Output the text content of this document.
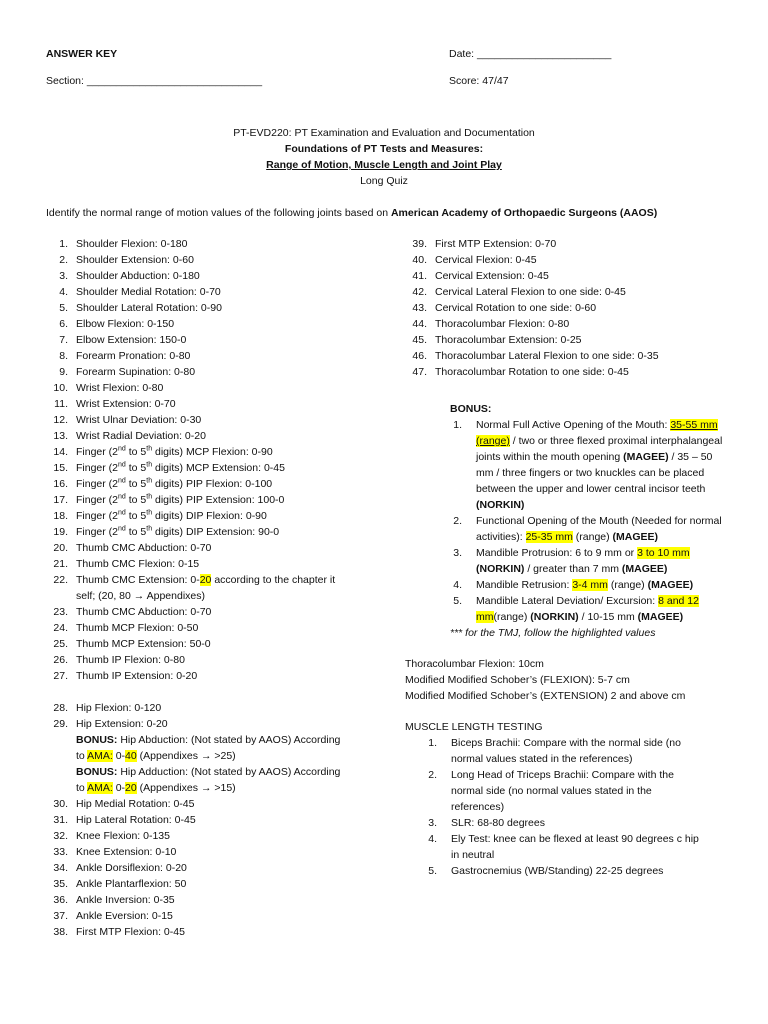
ANSWER KEY	Date: _______________________
Section: ______________________________	Score: 47/47
PT-EVD220: PT Examination and Evaluation and Documentation
Foundations of PT Tests and Measures:
Range of Motion, Muscle Length and Joint Play
Long Quiz
Identify the normal range of motion values of the following joints based on American Academy of Orthopaedic Surgeons (AAOS)
1. Shoulder Flexion: 0-180
2. Shoulder Extension: 0-60
3. Shoulder Abduction: 0-180
4. Shoulder Medial Rotation: 0-70
5. Shoulder Lateral Rotation: 0-90
6. Elbow Flexion: 0-150
7. Elbow Extension: 150-0
8. Forearm Pronation: 0-80
9. Forearm Supination: 0-80
10. Wrist Flexion: 0-80
11. Wrist Extension: 0-70
12. Wrist Ulnar Deviation: 0-30
13. Wrist Radial Deviation: 0-20
14. Finger (2nd to 5th digits) MCP Flexion: 0-90
15. Finger (2nd to 5th digits) MCP Extension: 0-45
16. Finger (2nd to 5th digits) PIP Flexion: 0-100
17. Finger (2nd to 5th digits) PIP Extension: 100-0
18. Finger (2nd to 5th digits) DIP Flexion: 0-90
19. Finger (2nd to 5th digits) DIP Extension: 90-0
20. Thumb CMC Abduction: 0-70
21. Thumb CMC Flexion: 0-15
22. Thumb CMC Extension: 0-20 according to the chapter it
self; (20, 80 → Appendixes)
23. Thumb CMC Abduction: 0-70
24. Thumb MCP Flexion: 0-50
25. Thumb MCP Extension: 50-0
26. Thumb IP Flexion: 0-80
27. Thumb IP Extension: 0-20
28. Hip Flexion: 0-120
29. Hip Extension: 0-20
BONUS: Hip Abduction: (Not stated by AAOS) According
to AMA: 0-40 (Appendixes → >25)
BONUS: Hip Adduction: (Not stated by AAOS) According
to AMA: 0-20 (Appendixes → >15)
30. Hip Medial Rotation: 0-45
31. Hip Lateral Rotation: 0-45
32. Knee Flexion: 0-135
33. Knee Extension: 0-10
34. Ankle Dorsiflexion: 0-20
35. Ankle Plantarflexion: 50
36. Ankle Inversion: 0-35
37. Ankle Eversion: 0-15
38. First MTP Flexion: 0-45
39. First MTP Extension: 0-70
40. Cervical Flexion: 0-45
41. Cervical Extension: 0-45
42. Cervical Lateral Flexion to one side: 0-45
43. Cervical Rotation to one side: 0-60
44. Thoracolumbar Flexion: 0-80
45. Thoracolumbar Extension: 0-25
46. Thoracolumbar Lateral Flexion to one side: 0-35
47. Thoracolumbar Rotation to one side: 0-45
BONUS:
1. Normal Full Active Opening of the Mouth: 35-55 mm (range) / two or three flexed proximal interphalangeal joints within the mouth opening (MAGEE) / 35 – 50 mm / three fingers or two knuckles can be placed between the upper and lower central incisor teeth (NORKIN)
2. Functional Opening of the Mouth (Needed for normal activities): 25-35 mm (range) (MAGEE)
3. Mandible Protrusion: 6 to 9 mm or 3 to 10 mm (NORKIN) / greater than 7 mm (MAGEE)
4. Mandible Retrusion: 3-4 mm (range) (MAGEE)
5. Mandible Lateral Deviation/ Excursion: 8 and 12 mm(range) (NORKIN) / 10-15 mm (MAGEE)
*** for the TMJ, follow the highlighted values
Thoracolumbar Flexion: 10cm
Modified Modified Schober’s (FLEXION): 5-7 cm
Modified Modified Schober’s (EXTENSION) 2 and above cm
MUSCLE LENGTH TESTING
1. Biceps Brachii: Compare with the normal side (no normal values stated in the references)
2. Long Head of Triceps Brachii: Compare with the normal side (no normal values stated in the references)
3. SLR: 68-80 degrees
4. Ely Test: knee can be flexed at least 90 degrees c hip in neutral
5. Gastrocnemius (WB/Standing) 22-25 degrees
